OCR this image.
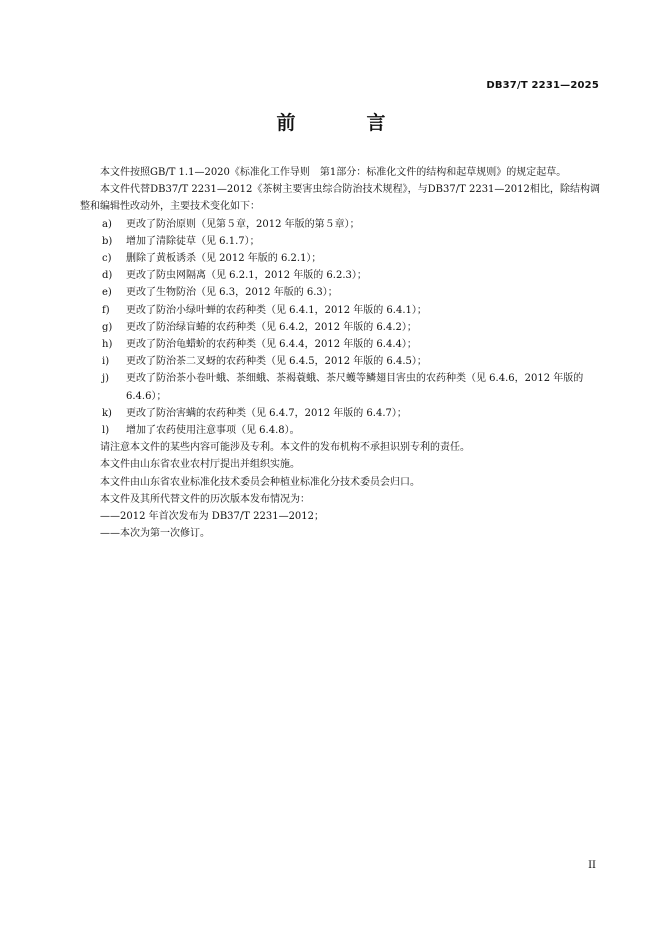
DB37/T 2231—2025
前　言

本文件按照GB/T 1.1—2020《标准化工作导则　第1部分：标准化文件的结构和起草规则》的规定起草。

本文件代替DB37/T 2231—2012《茶树主要害虫综合防治技术规程》，与DB37/T 2231—2012相比，除结构调整和编辑性改动外，主要技术变化如下：

a) 更改了防治原则（见第５章，2012 年版的第５章）；
b) 增加了清除徒草（见 6.1.7）；
c) 删除了黄板诱杀（见 2012 年版的 6.2.1）；
d) 更改了防虫网隔离（见 6.2.1，2012 年版的 6.2.3）；
e) 更改了生物防治（见 6.3，2012 年版的 6.3）；
f) 更改了防治小绿叶蝉的农药种类（见 6.4.1，2012 年版的 6.4.1）；
g) 更改了防治绿盲蝽的农药种类（见 6.4.2，2012 年版的 6.4.2）；
h) 更改了防治龟蜡蚧的农药种类（见 6.4.4，2012 年版的 6.4.4）；
i) 更改了防治茶二叉蚜的农药种类（见 6.4.5，2012 年版的 6.4.5）；
j) 更改了防治茶小卷叶蛾、茶细蛾、茶褐蓑蛾、茶尺蠖等鳞翅目害虫的农药种类（见 6.4.6，2012 年版的 6.4.6）；
k) 更改了防治害螨的农药种类（见 6.4.7，2012 年版的 6.4.7）；
l) 增加了农药使用注意事项（见 6.4.8）。

请注意本文件的某些内容可能涉及专利。本文件的发布机构不承担识别专利的责任。

本文件由山东省农业农村厅提出并组织实施。

本文件由山东省农业标准化技术委员会种植业标准化分技术委员会归口。

本文件及其所代替文件的历次版本发布情况为：

——2012 年首次发布为 DB37/T 2231—2012；

——本次为第一次修订。

II
